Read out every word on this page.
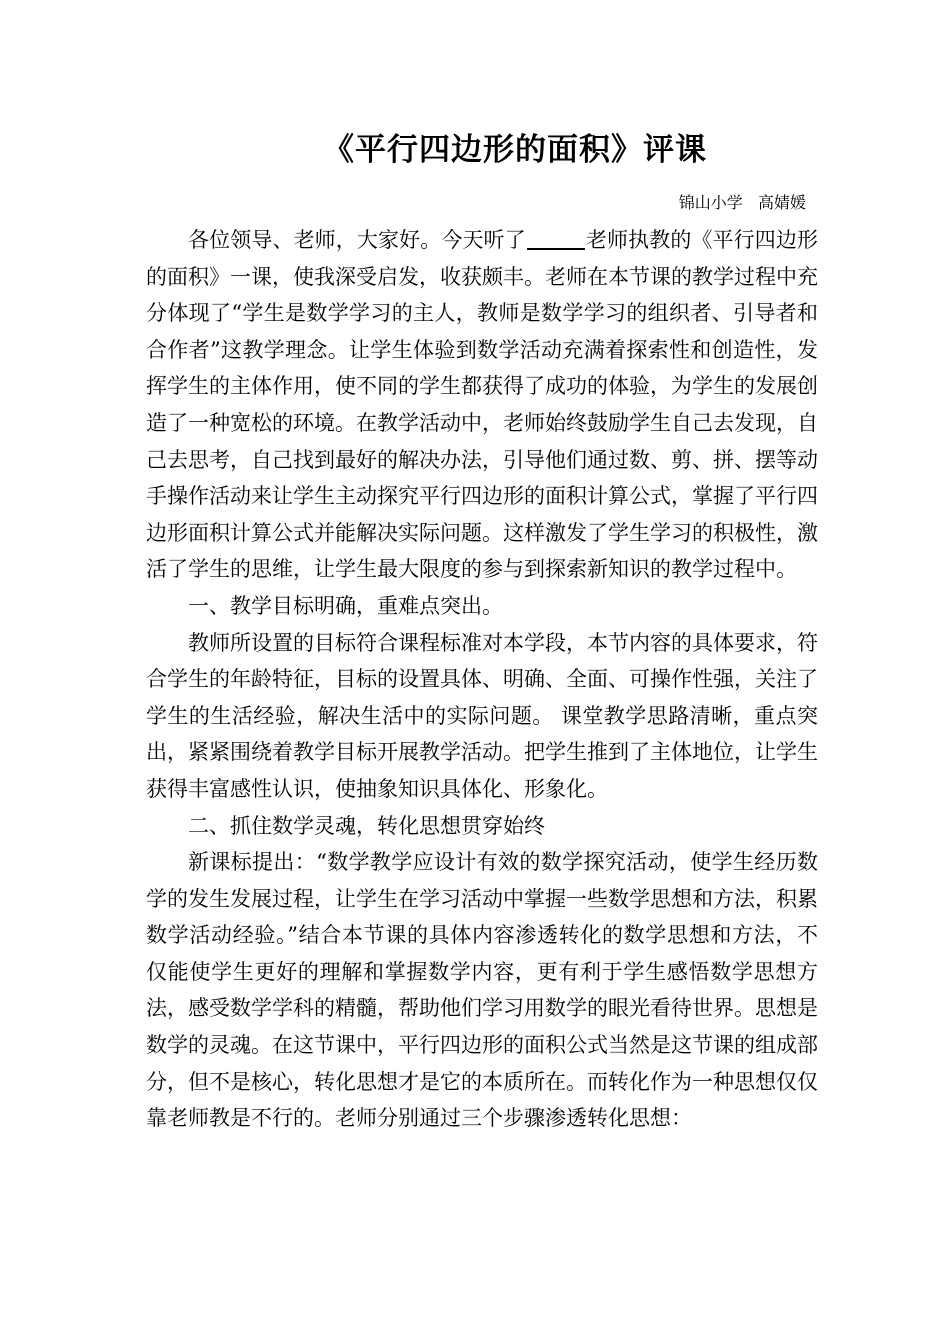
《平行四边形的面积》评课
锦山小学   高婧媛

各位领导、老师，大家好。今天听了	老师执教的《平行四边形的面积》一课，使我深受启发，收获颇丰。老师在本节课的教学过程中充分体现了“学生是数学学习的主人，教师是数学学习的组织者、引导者和合作者”这教学理念。让学生体验到数学活动充满着探索性和创造性，发挥学生的主体作用，使不同的学生都获得了成功的体验，为学生的发展创造了一种宽松的环境。在教学活动中，老师始终鼓励学生自己去发现，自己去思考，自己找到最好的解决办法，引导他们通过数、剪、拼、摆等动手操作活动来让学生主动探究平行四边形的面积计算公式，掌握了平行四边形面积计算公式并能解决实际问题。这样激发了学生学习的积极性，激活了学生的思维，让学生最大限度的参与到探索新知识的教学过程中。

一、教学目标明确，重难点突出。

教师所设置的目标符合课程标准对本学段，本节内容的具体要求，符合学生的年龄特征，目标的设置具体、明确、全面、可操作性强，关注了学生的生活经验，解决生活中的实际问题。 课堂教学思路清晰，重点突出，紧紧围绕着教学目标开展教学活动。把学生推到了主体地位，让学生获得丰富感性认识，使抽象知识具体化、形象化。

二、抓住数学灵魂，转化思想贯穿始终

新课标提出：“数学教学应设计有效的数学探究活动，使学生经历数学的发生发展过程，让学生在学习活动中掌握一些数学思想和方法，积累数学活动经验。”结合本节课的具体内容渗透转化的数学思想和方法，不仅能使学生更好的理解和掌握数学内容，更有利于学生感悟数学思想方法，感受数学学科的精髓，帮助他们学习用数学的眼光看待世界。思想是数学的灵魂。在这节课中，平行四边形的面积公式当然是这节课的组成部分，但不是核心，转化思想才是它的本质所在。而转化作为一种思想仅仅靠老师教是不行的。老师分别通过三个步骤渗透转化思想：
